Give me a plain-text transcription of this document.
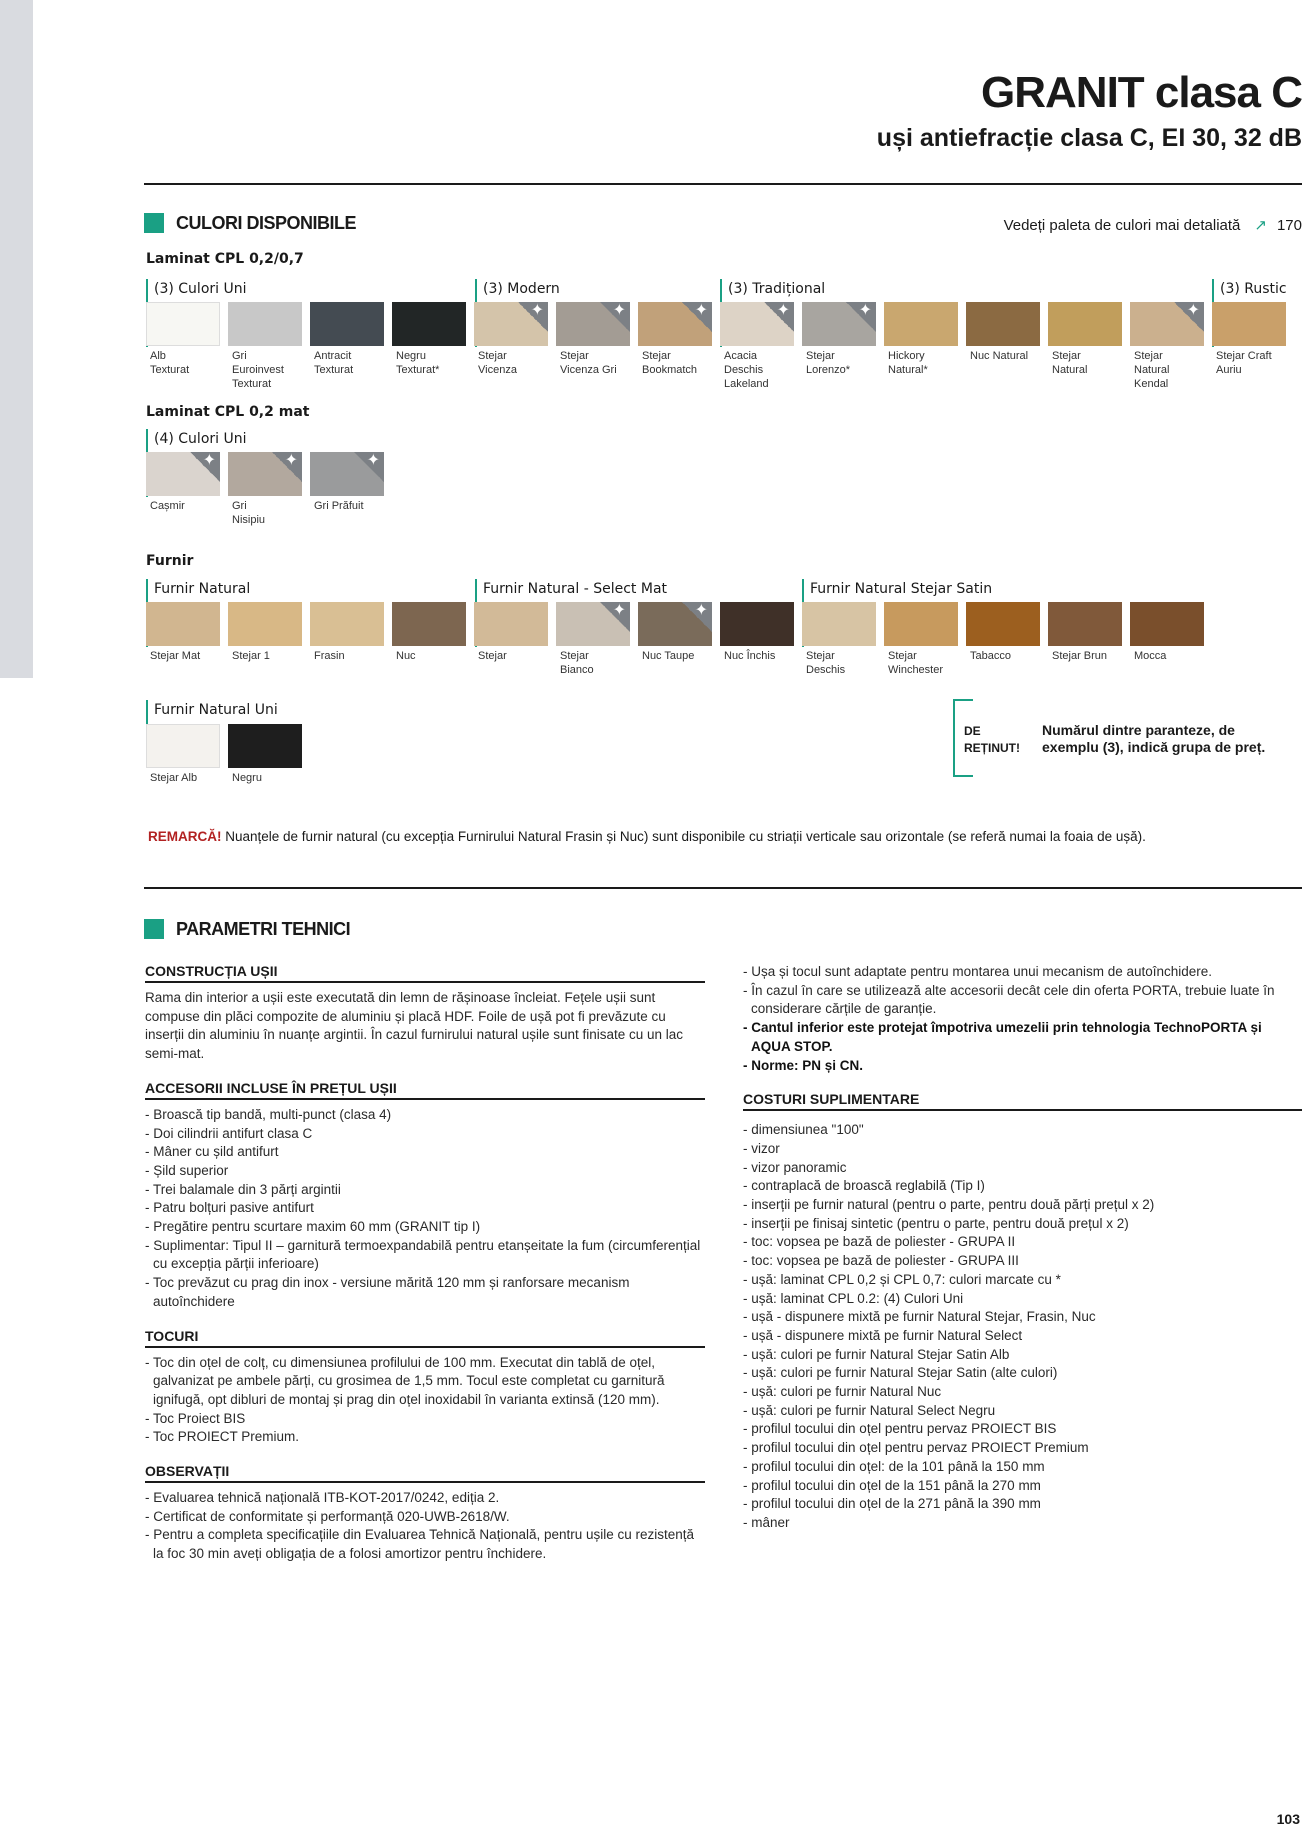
GRANIT clasa C
uși antiefracție clasa C, EI 30, 32 dB
CULORI DISPONIBILE	Vedeți paleta de culori mai detaliată ↗ 170
Laminat CPL 0,2/0,7
Laminat CPL 0,2 mat
Furnir
(3) Culori Uni	(3) Modern	(3) Tradițional	(3) Rustic
(4) Culori Uni
Furnir Natural	Furnir Natural - Select Mat	Furnir Natural Stejar Satin
Furnir Natural Uni
Alb
Texturat
Gri
Euroinvest
Texturat
Antracit
Texturat
Negru
Texturat*
✦
Stejar
Vicenza
✦
Stejar
Vicenza Gri
✦
Stejar
Bookmatch
✦
Acacia
Deschis
Lakeland
✦
Stejar
Lorenzo*
Hickory
Natural*
Nuc Natural	Stejar
Natural
✦
Stejar
Natural
Kendal
Stejar Craft
Auriu
✦
Cașmir
✦
Gri
Nisipiu
✦
Gri Prăfuit
Stejar Mat	Stejar 1	Frasin	Nuc	Stejar
✦
Stejar
Bianco
✦
Nuc Taupe	Nuc Închis	Stejar
Deschis
Stejar
Winchester
Tabacco	Stejar Brun	Mocca
Stejar Alb	Negru
DE
REȚINUT!
Numărul dintre paranteze, de exemplu (3), indică grupa de preț.
REMARCĂ! Nuanțele de furnir natural (cu excepția Furnirului Natural Frasin și Nuc) sunt disponibile cu striații verticale sau orizontale (se referă numai la foaia de ușă).
PARAMETRI TEHNICI
CONSTRUCȚIA UȘII

Rama din interior a ușii este executată din lemn de rășinoase încleiat. Fețele ușii sunt compuse din plăci compozite de aluminiu și placă HDF. Foile de ușă pot fi prevăzute cu inserții din aluminiu în nuanțe argintii. În cazul furnirului natural ușile sunt finisate cu un lac semi-mat.

ACCESORII INCLUSE ÎN PREȚUL UȘII
- Broască tip bandă, multi-punct (clasa 4)
- Doi cilindrii antifurt clasa C
- Mâner cu șild antifurt
- Șild superior
- Trei balamale din 3 părți argintii
- Patru bolțuri pasive antifurt
- Pregătire pentru scurtare maxim 60 mm (GRANIT tip I)
- Suplimentar: Tipul II – garnitură termoexpandabilă pentru etanșeitate la fum (circumferențial cu excepția părții inferioare)
- Toc prevăzut cu prag din inox - versiune mărită 120 mm și ranforsare mecanism autoînchidere
TOCURI
- Toc din oțel de colț, cu dimensiunea profilului de 100 mm. Executat din tablă de oțel, galvanizat pe ambele părți, cu grosimea de 1,5 mm. Tocul este completat cu garnitură ignifugă, opt dibluri de montaj și prag din oțel inoxidabil în varianta extinsă (120 mm).
- Toc Proiect BIS
- Toc PROIECT Premium.
OBSERVAȚII
- Evaluarea tehnică națională ITB-KOT-2017/0242, ediția 2.
- Certificat de conformitate și performanță 020-UWB-2618/W.
- Pentru a completa specificațiile din Evaluarea Tehnică Națională, pentru ușile cu rezistență la foc 30 min aveți obligația de a folosi amortizor pentru închidere.
- Ușa și tocul sunt adaptate pentru montarea unui mecanism de autoînchidere.
- În cazul în care se utilizează alte accesorii decât cele din oferta PORTA, trebuie luate în considerare cărțile de garanție.
- Cantul inferior este protejat împotriva umezelii prin tehnologia TechnoPORTA și AQUA STOP.
- Norme: PN și CN.
COSTURI SUPLIMENTARE
- dimensiunea "100"
- vizor
- vizor panoramic
- contraplacă de broască reglabilă (Tip I)
- inserții pe furnir natural (pentru o parte, pentru două părți prețul x 2)
- inserții pe finisaj sintetic (pentru o parte, pentru două prețul x 2)
- toc: vopsea pe bază de poliester - GRUPA II
- toc: vopsea pe bază de poliester - GRUPA III
- ușă: laminat CPL 0,2 și CPL 0,7: culori marcate cu *
- ușă: laminat CPL 0.2: (4) Culori Uni
- ușă - dispunere mixtă pe furnir Natural Stejar, Frasin, Nuc
- ușă - dispunere mixtă pe furnir Natural Select
- ușă: culori pe furnir Natural Stejar Satin Alb
- ușă: culori pe furnir Natural Stejar Satin (alte culori)
- ușă: culori pe furnir Natural Nuc
- ușă: culori pe furnir Natural Select Negru
- profilul tocului din oțel pentru pervaz PROIECT BIS
- profilul tocului din oțel pentru pervaz PROIECT Premium
- profilul tocului din oțel: de la 101 până la 150 mm
- profilul tocului din oțel de la 151 până la 270 mm
- profilul tocului din oțel de la 271 până la 390 mm
- mâner
103
